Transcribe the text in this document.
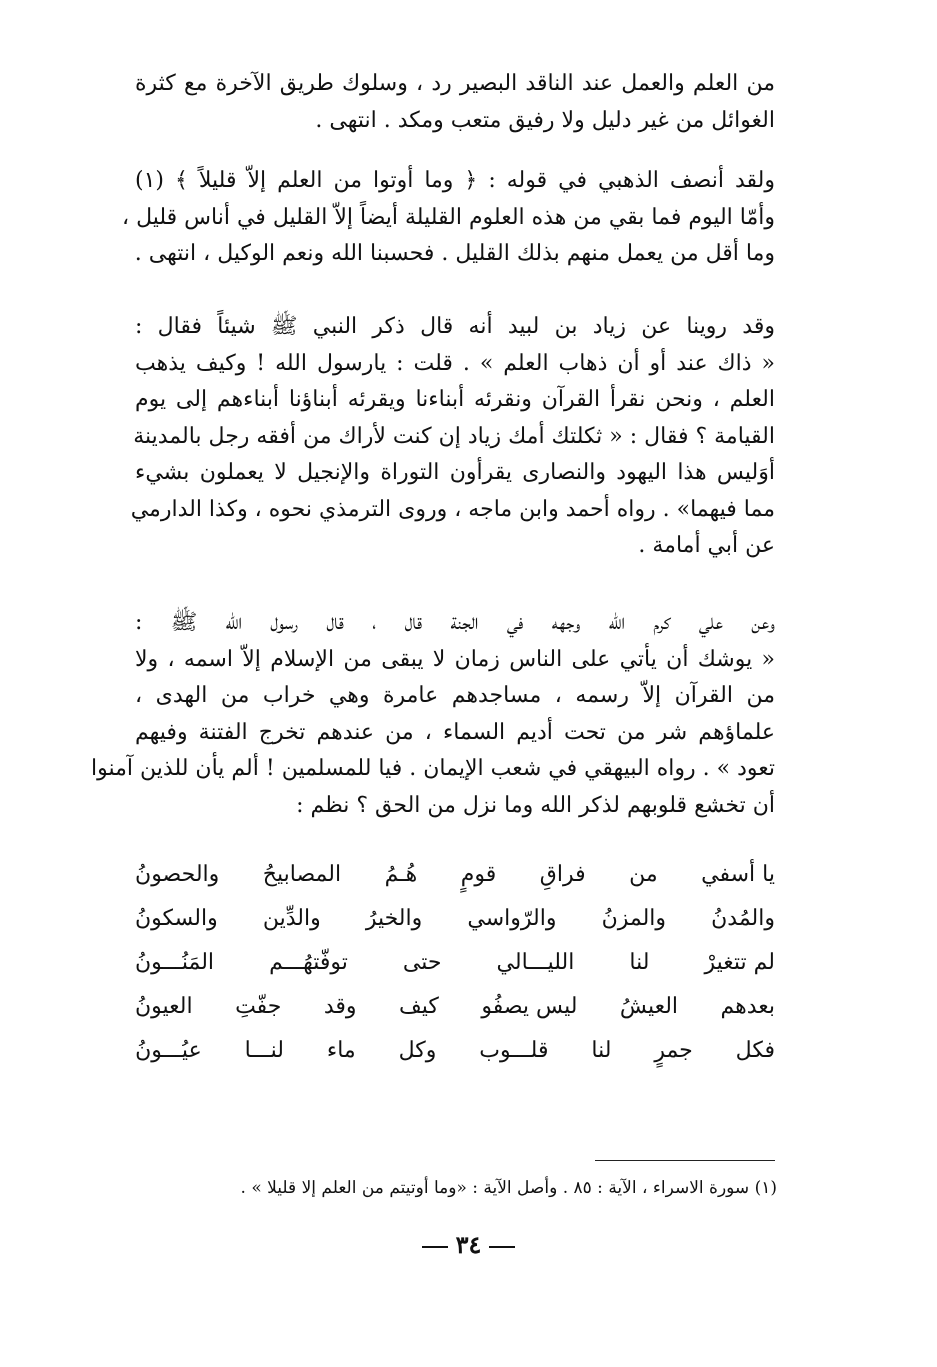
من العلم والعمل عند الناقد البصير رد ، وسلوك طريق الآخرة مع كثرة
الغوائل من غير دليل ولا رفيق متعب ومكد . انتهى .
ولقد أنصف الذهبي في قوله : ﴿ وما أوتوا من العلم إلاّ قليلاً ﴾ (١)
وأمّا اليوم فما بقي من هذه العلوم القليلة أيضاً إلاّ القليل في أناس قليل ،
وما أقل من يعمل منهم بذلك القليل . فحسبنا الله ونعم الوكيل ، انتهى .
وقد روينا عن زياد بن لبيد أنه قال ذكر النبي ﷺ شيئاً فقال :
« ذاك عند أو أن ذهاب العلم » . قلت : يارسول الله ! وكيف يذهب
العلم ، ونحن نقرأ القرآن ونقرئه أبناءنا ويقرئه أبناؤنا أبناءهم إلى يوم
القيامة ؟ فقال : « ثكلتك أمك زياد إن كنت لأراك من أفقه رجل بالمدينة
أوَليس هذا اليهود والنصارى يقرأون التوراة والإنجيل لا يعملون بشيء
مما فيهما» . رواه أحمد وابن ماجه ، وروى الترمذي نحوه ، وكذا الدارمي
عن أبي أمامة .
وعن علي كرم الله وجهه في الجنة قال ، قال رسول الله ﷺ :
« يوشك أن يأتي على الناس زمان لا يبقى من الإسلام إلاّ اسمه ، ولا
من القرآن إلاّ رسمه ، مساجدهم عامرة وهي خراب من الهدى ،
علماؤهم شر من تحت أديم السماء ، من عندهم تخرج الفتنة وفيهم
تعود » . رواه البيهقي في شعب الإيمان . فيا للمسلمين ! ألم يأن للذين آمنوا
أن تخشع قلوبهم لذكر الله وما نزل من الحق ؟ نظم :
يا أسفي
من
فراقِ
قومٍ
هُـمُ
المصابيحُ
والحصونُ
والمُدنُ
والمزنُ
والرّواسي
والخيرُ
والدِّين
والسكونُ
لم تتغيرْ
لنا
الليـــالي
حتى
توفّتهُـــم
المَنُـــونُ
بعدهم
العيشُ
ليس يصفُو
كيف
وقد
جفّتِ
العيونُ
فكل
جمرٍ
لنا
قلـــوب
وكل
ماء
لنـــا
عيُـــونُ
(١) سورة الاسراء ، الآية : ٨٥ . وأصل الآية : «وما أوتيتم من العلم إلا قليلا » .
٣٤
